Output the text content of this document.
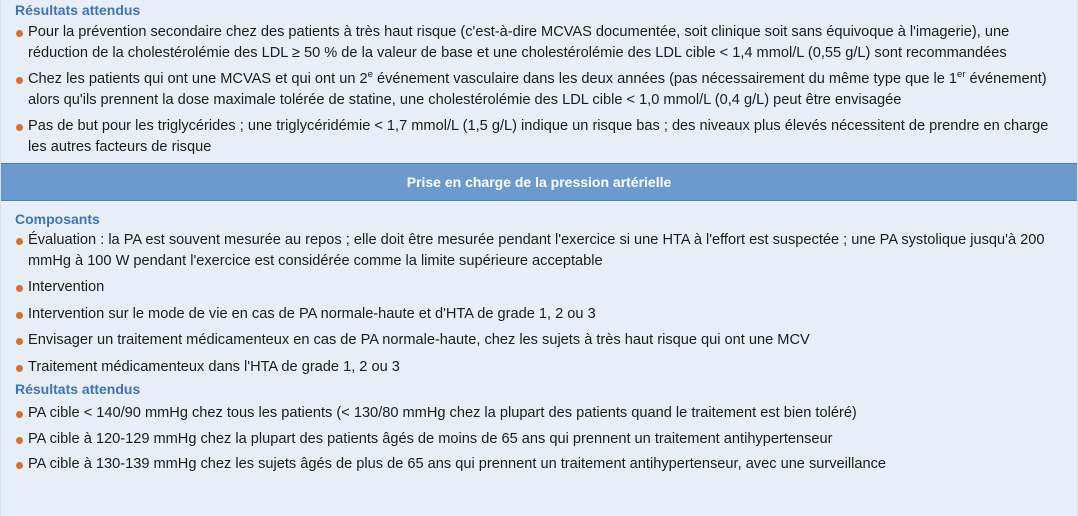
Résultats attendus

Pour la prévention secondaire chez des patients à très haut risque (c'est-à-dire MCVAS documentée, soit clinique soit sans équivoque à l'imagerie), une réduction de la cholestérolémie des LDL ≥ 50 % de la valeur de base et une cholestérolémie des LDL cible < 1,4 mmol/L (0,55 g/L) sont recommandées

Chez les patients qui ont une MCVAS et qui ont un 2e événement vasculaire dans les deux années (pas nécessairement du même type que le 1er événement) alors qu'ils prennent la dose maximale tolérée de statine, une cholestérolémie des LDL cible < 1,0 mmol/L (0,4 g/L) peut être envisagée

Pas de but pour les triglycérides ; une triglycéridémie < 1,7 mmol/L (1,5 g/L) indique un risque bas ; des niveaux plus élevés nécessitent de prendre en charge les autres facteurs de risque

Prise en charge de la pression artérielle

Composants

Évaluation : la PA est souvent mesurée au repos ; elle doit être mesurée pendant l'exercice si une HTA à l'effort est suspectée ; une PA systolique jusqu'à 200 mmHg à 100 W pendant l'exercice est considérée comme la limite supérieure acceptable

Intervention

Intervention sur le mode de vie en cas de PA normale-haute et d'HTA de grade 1, 2 ou 3

Envisager un traitement médicamenteux en cas de PA normale-haute, chez les sujets à très haut risque qui ont une MCV

Traitement médicamenteux dans l'HTA de grade 1, 2 ou 3

Résultats attendus

PA cible < 140/90 mmHg chez tous les patients (< 130/80 mmHg chez la plupart des patients quand le traitement est bien toléré)

PA cible à 120-129 mmHg chez la plupart des patients âgés de moins de 65 ans qui prennent un traitement antihypertenseur

PA cible à 130-139 mmHg chez les sujets âgés de plus de 65 ans qui prennent un traitement antihypertenseur, avec une surveillance
